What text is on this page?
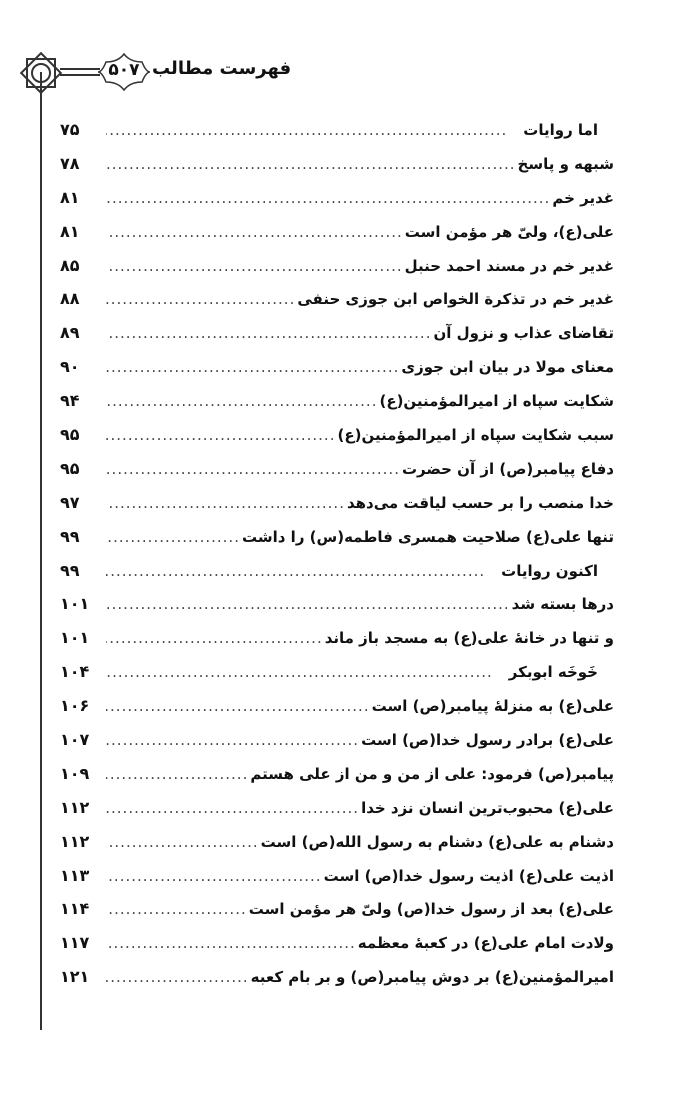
۵۰۷ فهرست مطالب
اما روایات
.....
۷۵
شبهه و پاسخ
.....
۷۸
غدیر خم
.....
۸۱
علی(ع)، ولیّ هر مؤمن است
.....
۸۱
غدیر خم در مسند احمد حنبل
.....
۸۵
غدیر خم در تذکرة الخواص ابن جوزی حنفی
.....
۸۸
تقاضای عذاب و نزول آن
.....
۸۹
معنای مولا در بیان ابن جوزی
.....
۹۰
شکایت سپاه از امیرالمؤمنین(ع)
.....
۹۴
سبب شکایت سپاه از امیرالمؤمنین(ع)
.....
۹۵
دفاع پیامبر(ص) از آن حضرت
.....
۹۵
خدا منصب را بر حسب لیاقت می‌دهد
.....
۹۷
تنها علی(ع) صلاحیت همسری فاطمه(س) را داشت
.....
۹۹
اکنون روایات
.....
۹۹
درها بسته شد
.....
۱۰۱
و تنها در خانهٔ علی(ع) به مسجد باز ماند
.....
۱۰۱
خَوخَه ابوبکر
.....
۱۰۴
علی(ع) به منزلهٔ پیامبر(ص) است
.....
۱۰۶
علی(ع) برادر رسول خدا(ص) است
.....
۱۰۷
پیامبر(ص) فرمود: علی از من و من از علی هستم
.....
۱۰۹
علی(ع) محبوب‌ترین انسان نزد خدا
.....
۱۱۲
دشنام به علی(ع) دشنام به رسول الله(ص) است
.....
۱۱۲
اذیت علی(ع) اذیت رسول خدا(ص) است
.....
۱۱۳
علی(ع) بعد از رسول خدا(ص) ولیّ هر مؤمن است
.....
۱۱۴
ولادت امام علی(ع) در کعبهٔ معظمه
.....
۱۱۷
امیرالمؤمنین(ع) بر دوش پیامبر(ص) و بر بام کعبه
.....
۱۲۱
